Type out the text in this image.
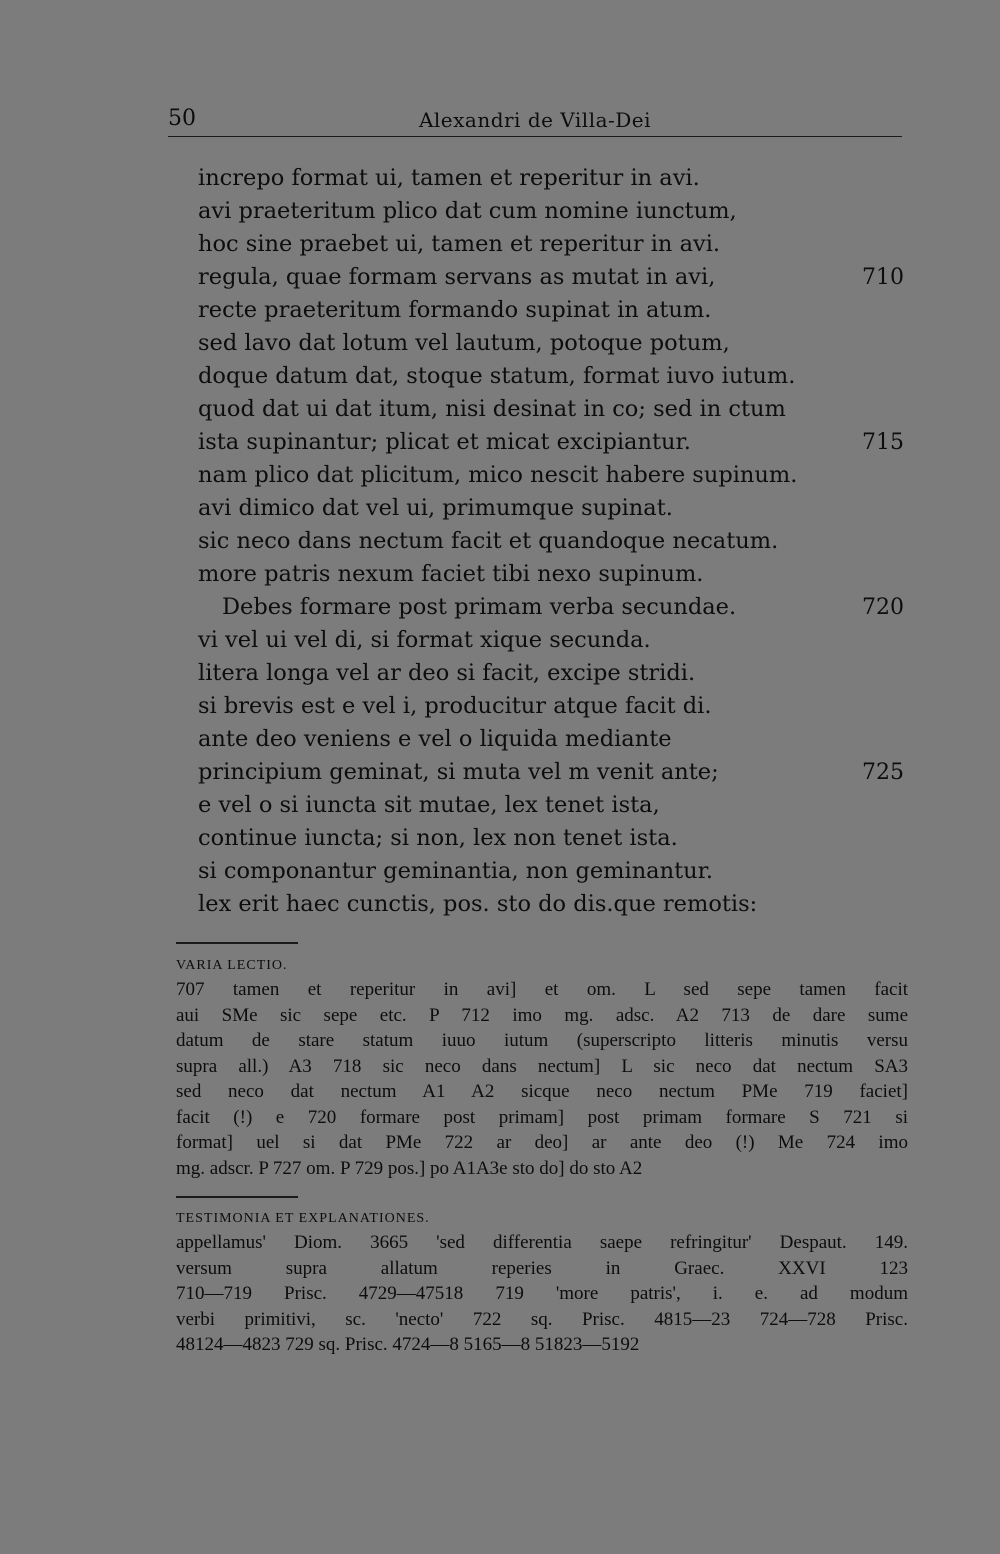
50	Alexandri de Villa-Dei
increpo format ui, tamen et reperitur in avi.
avi praeteritum plico dat cum nomine iunctum,
hoc sine praebet ui, tamen et reperitur in avi.
regula, quae formam servans as mutat in avi,	710
recte praeteritum formando supinat in atum.
sed lavo dat lotum vel lautum, potoque potum,
doque datum dat, stoque statum, format iuvo iutum.
quod dat ui dat itum, nisi desinat in co; sed in ctum
ista supinantur; plicat et micat excipiantur.	715
nam plico dat plicitum, mico nescit habere supinum.
avi dimico dat vel ui, primumque supinat.
sic neco dans nectum facit et quandoque necatum.
more patris nexum faciet tibi nexo supinum.
Debes formare post primam verba secundae.	720
vi vel ui vel di, si format xique secunda.
litera longa vel ar deo si facit, excipe stridi.
si brevis est e vel i, producitur atque facit di.
ante deo veniens e vel o liquida mediante
principium geminat, si muta vel m venit ante;	725
e vel o si iuncta sit mutae, lex tenet ista,
continue iuncta; si non, lex non tenet ista.
si componantur geminantia, non geminantur.
lex erit haec cunctis, pos. sto do dis.que remotis:
VARIA LECTIO.

707 tamen et reperitur in avi] et om. L sed sepe tamen facit

aui SMe sic sepe etc. P 712 imo mg. adsc. A2 713 de dare sume

datum de stare statum iuuo iutum (superscripto litteris minutis versu

supra all.) A3 718 sic neco dans nectum] L sic neco dat nectum SA3

sed neco dat nectum A1 A2 sicque neco nectum PMe 719 faciet]

facit (!) e 720 formare post primam] post primam formare S 721 si

format] uel si dat PMe 722 ar deo] ar ante deo (!) Me 724 imo

mg. adscr. P 727 om. P 729 pos.] po A1A3e sto do] do sto A2

TESTIMONIA ET EXPLANATIONES.

appellamus' Diom. 3665 'sed differentia saepe refringitur' Despaut. 149.

versum supra allatum reperies in Graec. XXVI 123

710—719 Prisc. 4729—47518 719 'more patris', i. e. ad modum

verbi primitivi, sc. 'necto' 722 sq. Prisc. 4815—23 724—728 Prisc.

48124—4823 729 sq. Prisc. 4724—8 5165—8 51823—5192
